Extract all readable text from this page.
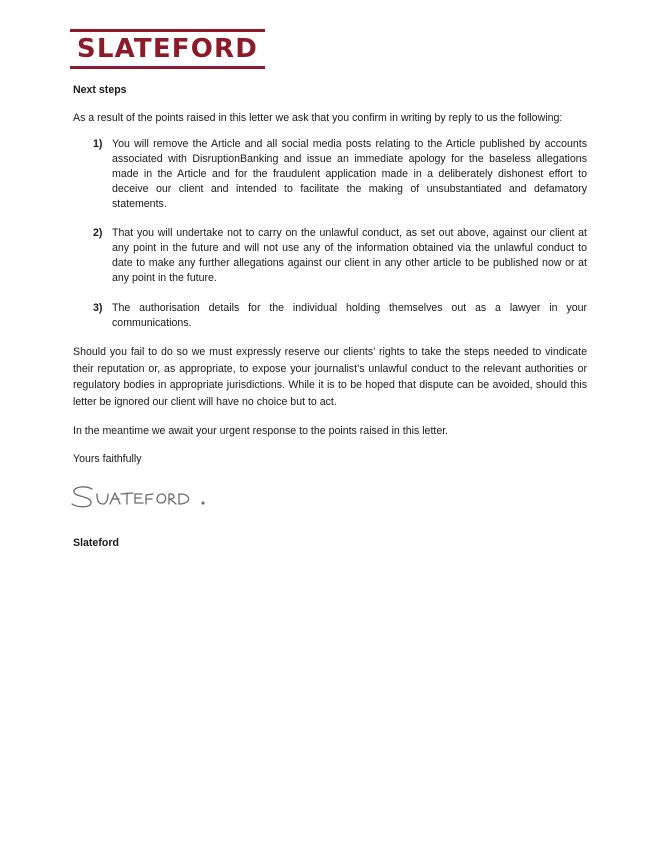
SLATEFORD
Next steps
As a result of the points raised in this letter we ask that you confirm in writing by reply to us the following:
1) You will remove the Article and all social media posts relating to the Article published by accounts associated with DisruptionBanking and issue an immediate apology for the baseless allegations made in the Article and for the fraudulent application made in a deliberately dishonest effort to deceive our client and intended to facilitate the making of unsubstantiated and defamatory statements.
2) That you will undertake not to carry on the unlawful conduct, as set out above, against our client at any point in the future and will not use any of the information obtained via the unlawful conduct to date to make any further allegations against our client in any other article to be published now or at any point in the future.
3) The authorisation details for the individual holding themselves out as a lawyer in your communications.
Should you fail to do so we must expressly reserve our clients’ rights to take the steps needed to vindicate their reputation or, as appropriate, to expose your journalist’s unlawful conduct to the relevant authorities or regulatory bodies in appropriate jurisdictions. While it is to be hoped that dispute can be avoided, should this letter be ignored our client will have no choice but to act.
In the meantime we await your urgent response to the points raised in this letter.
Yours faithfully
Slateford
